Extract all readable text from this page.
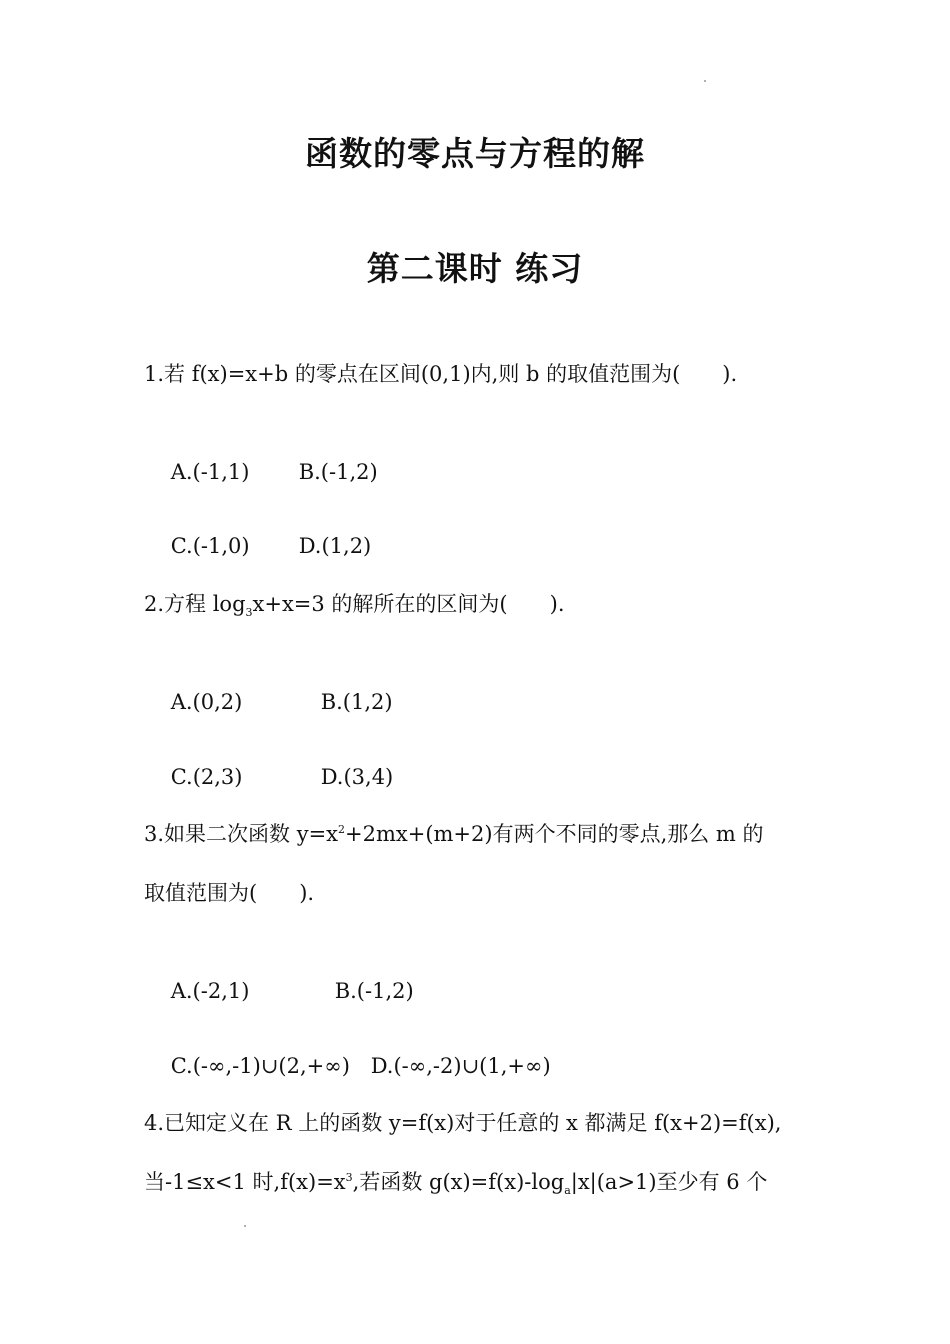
函数的零点与方程的解
第二课时 练习
1.若 f(x)=x+b 的零点在区间(0,1)内,则 b 的取值范围为(　　).

A.(-1,1) B.(-1,2)

C.(-1,0) D.(1,2)

2.方程 $\log_3x+x=3$ 的解所在的区间为(　　).

A.(0,2)	B.(1,2)

C.(2,3)	D.(3,4)

3.如果二次函数 $y=x^2+2mx+(m+2)$有两个不同的零点,那么 m 的
取值范围为(　　).

A.(-2,1)	B.(-1,2)

C.(-∞,-1)∪(2,+∞) D.(-∞,-2)∪(1,+∞)

4.已知定义在 R 上的函数 y=f(x)对于任意的 x 都满足 f(x+2)=f(x),
当-1≤x<1 时$,f(x)=x^3$,若函数 $g(x)=f(x)-\log_a|x|(a>1)$至少有 6 个
